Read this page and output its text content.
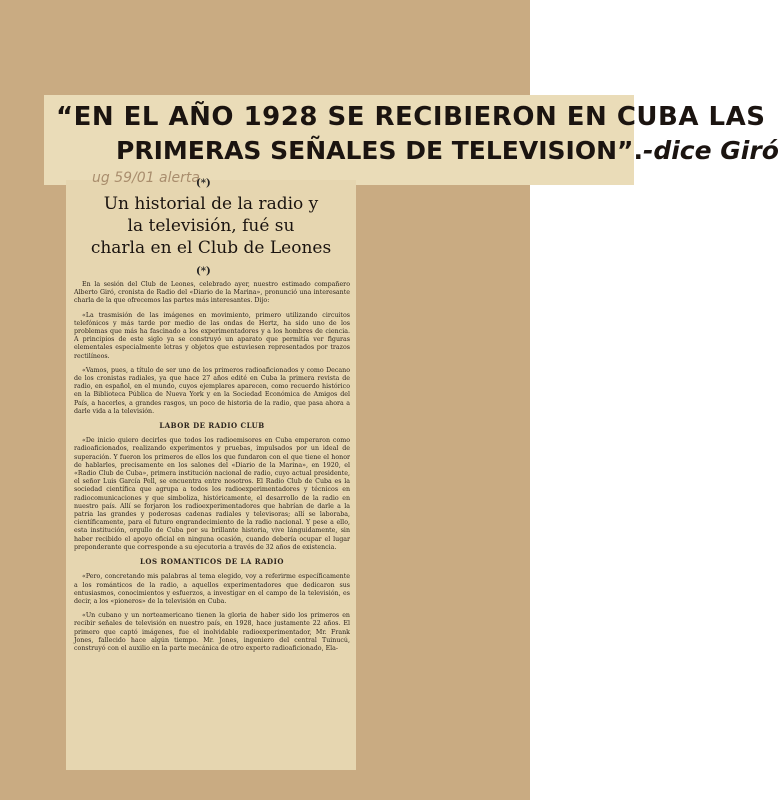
“EN EL AÑO 1928 SE RECIBIERON EN CUBA LAS
PRIMERAS SEÑALES DE TELEVISION”.-dice Giró
ug 59/01 alerta
(*)
Un historial de la radio y
la televisión, fué su
charla en el Club de Leones
(*)

En la sesión del Club de Leones, celebrado ayer, nuestro estimado compañero Alberto Giró, cronista de Radio del «Diario de la Marina», pronunció una interesante charla de la que ofrecemos las partes más interesantes. Dijo:

«La trasmisión de las imágenes en movimiento, primero utilizando circuitos telefónicos y más tarde por medio de las ondas de Hertz, ha sido uno de los problemas que más ha fascinado a los experimentadores y a los hombres de ciencia. A principios de este siglo ya se construyó un aparato que permitía ver figuras elementales especialmente letras y objetos que estuviesen representados por trazos rectilíneos.

«Vamos, pues, a título de ser uno de los primeros radioaficionados y como Decano de los cronistas radiales, ya que hace 27 años edité en Cuba la primera revista de radio, en español, en el mundo, cuyos ejemplares aparecen, como recuerdo histórico en la Biblioteca Pública de Nueva York y en la Sociedad Económica de Amigos del País, a hacerles, a grandes rasgos, un poco de historia de la radio, que pasa ahora a darle vida a la televisión.

LABOR DE RADIO CLUB

«De inicio quiero decirles que todos los radioemisores en Cuba emperaron como radioaficionados, realizando experimentos y pruebas, impulsados por un ideal de superación. Y fueron los primeros de ellos los que fundaron con el que tiene el honor de hablarles, precisamente en los salones del «Diario de la Marina», en 1920, el «Radio Club de Cuba», primera institución nacional de radio, cuyo actual presidente, el señor Luis García Pell, se encuentra entre nosotros. El Radio Club de Cuba es la sociedad científica que agrupa a todos los radioexperimentadores y técnicos en radiocomunicaciones y que simboliza, históricamente, el desarrollo de la radio en nuestro país. Allí se forjaron los radioexperimentadores que habrían de darle a la patria las grandes y poderosas cadenas radiales y televisoras; allí se laboraba, científicamente, para el futuro engrandecimiento de la radio nacional. Y pese a ello, esta institución, orgullo de Cuba por su brillante historia, vive lánguidamente, sin haber recibido el apoyo oficial en ninguna ocasión, cuando debería ocupar el lugar preponderante que corresponde a su ejecutoria a través de 32 años de existencia.

LOS ROMANTICOS DE LA RADIO

«Pero, concretando mis palabras al tema elegido, voy a referirme específicamente a los románticos de la radio, a aquellos experimentadores que dedicaron sus entusiasmos, conocimientos y esfuerzos, a investigar en el campo de la televisión, es decir, a los «pioneros» de la televisión en Cuba.

«Un cubano y un norteamericano tienen la gloria de haber sido los primeros en recibir señales de televisión en nuestro país, en 1928, hace justamente 22 años. El primero que captó imágenes, fue el inolvidable radioexperimentador, Mr. Frank Jones, fallecido hace algún tiempo. Mr. Jones, ingeniero del central Tuinucú, construyó con el auxilio en la parte mecánica de otro experto radioaficionado, Ela-
